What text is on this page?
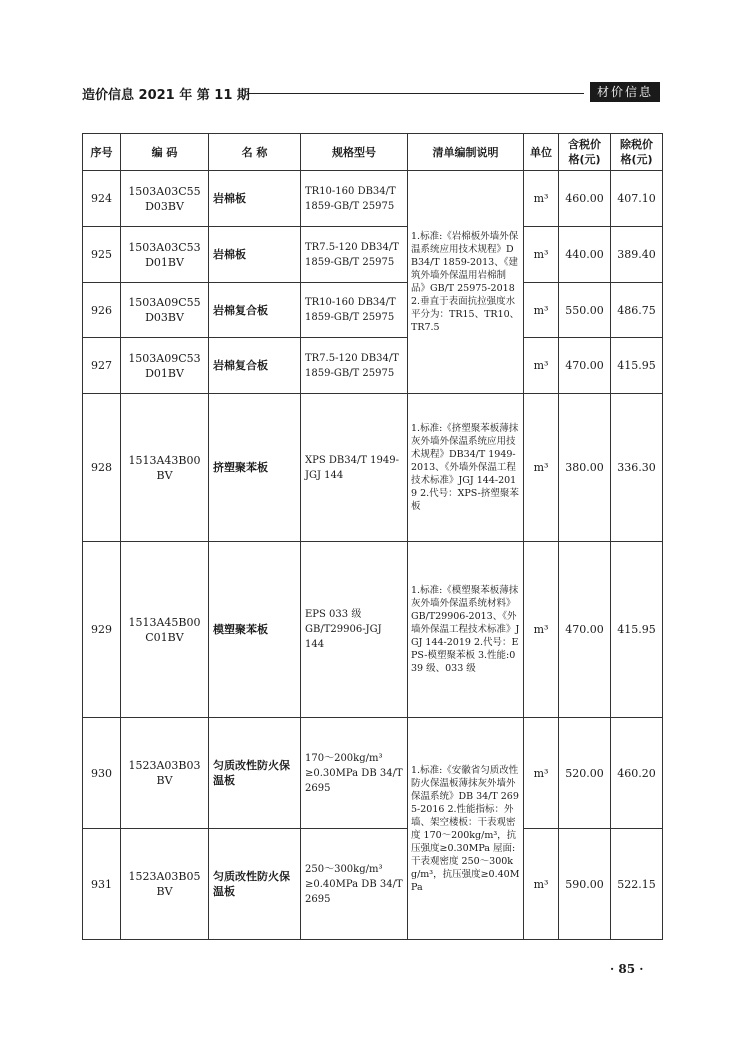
造价信息 2021 年 第 11 期	材价信息
序号	编 码	名 称	规格型号	清单编制说明	单位	含税价格(元)	除税价格(元)
924	1503A03C55 D03BV	岩棉板	TR10-160 DB34/T 1859-GB/T 25975	1.标准:《岩棉板外墙外保温系统应用技术规程》DB34/T 1859-2013、《建筑外墙外保温用岩棉制品》GB/T 25975-2018 2.垂直于表面抗拉强度水平分为：TR15、TR10、TR7.5	m³	460.00	407.10
925	1503A03C53 D01BV	岩棉板	TR7.5-120 DB34/T 1859-GB/T 25975		m³	440.00	389.40
926	1503A09C55 D03BV	岩棉复合板	TR10-160 DB34/T 1859-GB/T 25975		m³	550.00	486.75
927	1503A09C53 D01BV	岩棉复合板	TR7.5-120 DB34/T 1859-GB/T 25975		m³	470.00	415.95
928	1513A43B00 BV	挤塑聚苯板	XPS DB34/T 1949-JGJ 144	1.标准:《挤塑聚苯板薄抹灰外墙外保温系统应用技术规程》DB34/T 1949-2013、《外墙外保温工程技术标准》JGJ 144-2019 2.代号：XPS-挤塑聚苯板	m³	380.00	336.30
929	1513A45B00 C01BV	模塑聚苯板	EPS 033 级 GB/T29906-JGJ 144	1.标准:《模塑聚苯板薄抹灰外墙外保温系统材料》GB/T29906-2013、《外墙外保温工程技术标准》JGJ 144-2019 2.代号：EPS-模塑聚苯板 3.性能:039 级、033 级	m³	470.00	415.95
930	1523A03B03 BV	匀质改性防火保温板	170～200kg/m³ ≥0.30MPa DB 34/T 2695	1.标准:《安徽省匀质改性防火保温板薄抹灰外墙外保温系统》DB 34/T 2695-2016 2.性能指标：外墙、架空楼板：干表观密度 170～200kg/m³，抗压强度≥0.30MPa 屋面:干表观密度 250～300kg/m³，抗压强度≥0.40MPa	m³	520.00	460.20
931	1523A03B05 BV	匀质改性防火保温板	250～300kg/m³ ≥0.40MPa DB 34/T 2695		m³	590.00	522.15
· 85 ·
